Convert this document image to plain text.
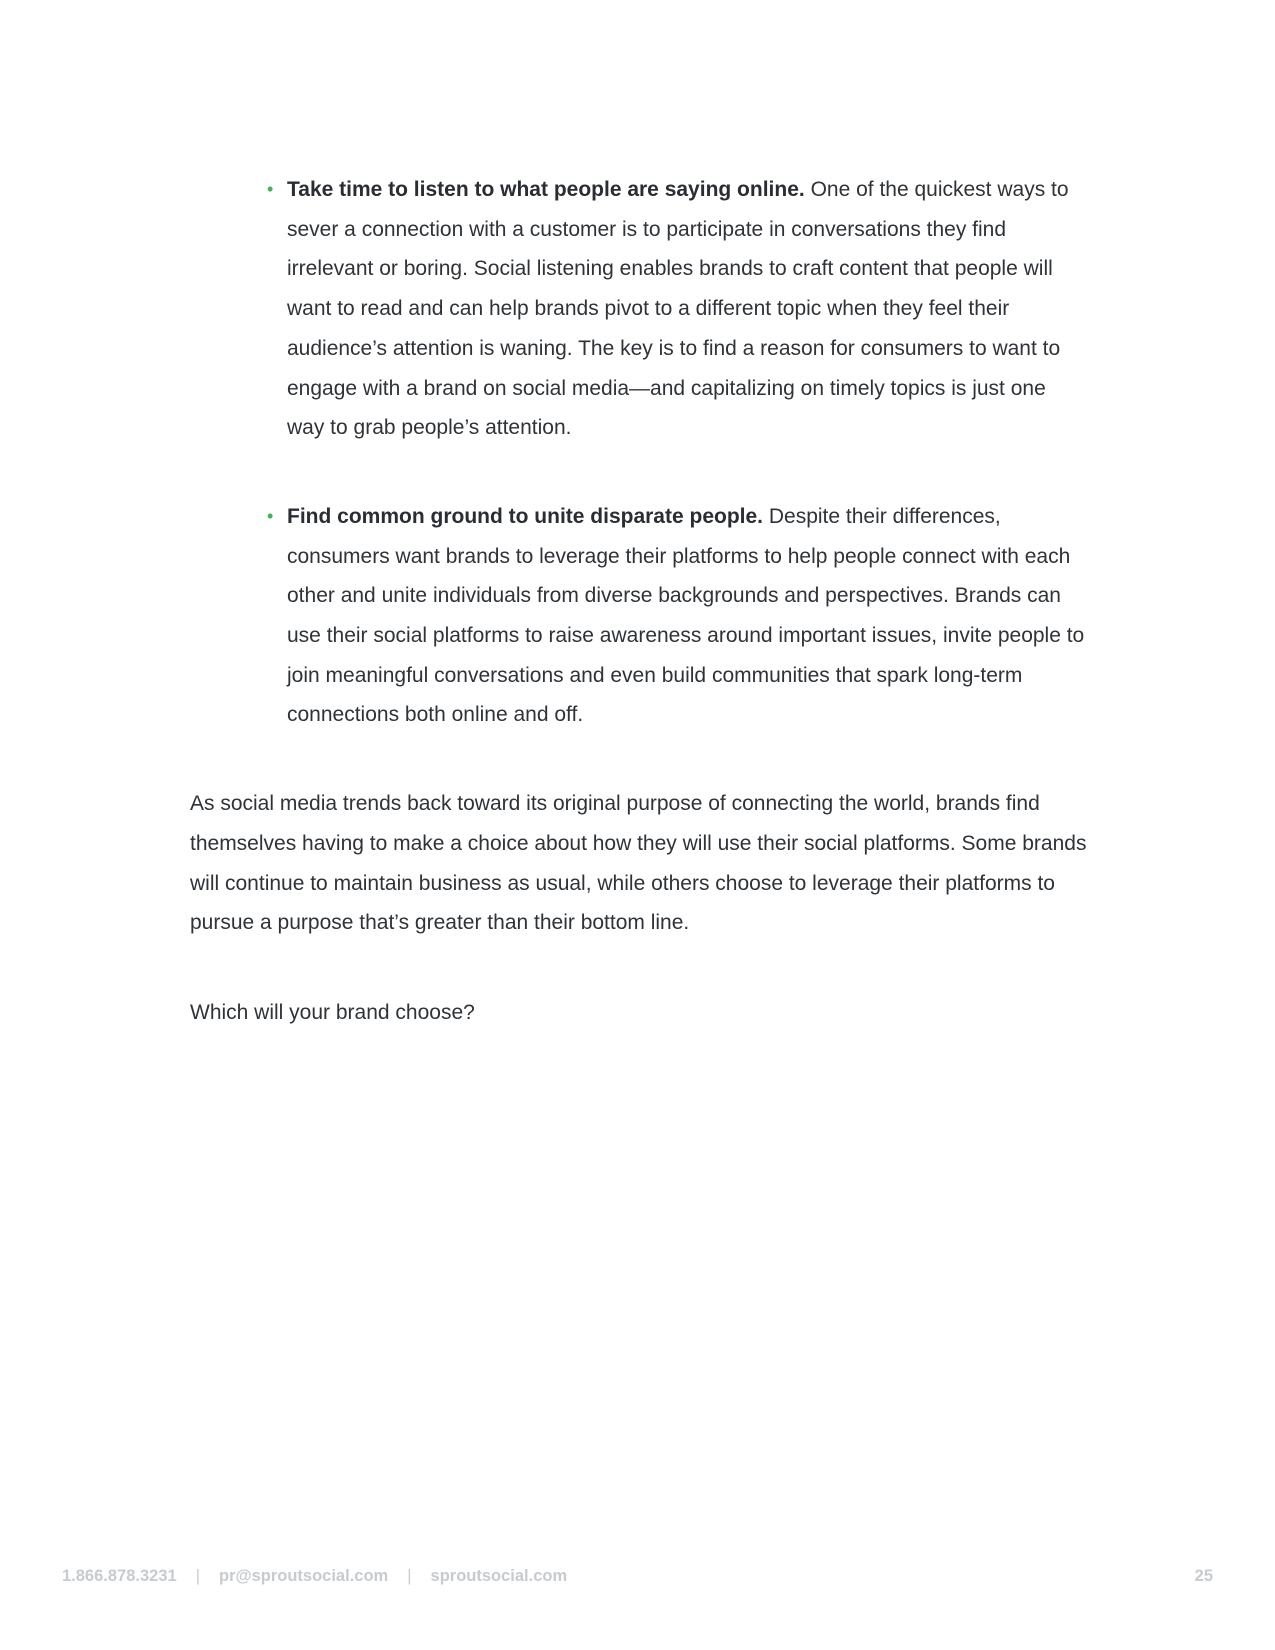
• Take time to listen to what people are saying online. One of the quickest ways to sever a connection with a customer is to participate in conversations they find irrelevant or boring. Social listening enables brands to craft content that people will want to read and can help brands pivot to a different topic when they feel their audience’s attention is waning. The key is to find a reason for consumers to want to engage with a brand on social media—and capitalizing on timely topics is just one way to grab people’s attention.
• Find common ground to unite disparate people. Despite their differences, consumers want brands to leverage their platforms to help people connect with each other and unite individuals from diverse backgrounds and perspectives. Brands can use their social platforms to raise awareness around important issues, invite people to join meaningful conversations and even build communities that spark long-term connections both online and off.

As social media trends back toward its original purpose of connecting the world, brands find themselves having to make a choice about how they will use their social platforms. Some brands will continue to maintain business as usual, while others choose to leverage their platforms to pursue a purpose that’s greater than their bottom line.

Which will your brand choose?

1.866.878.3231 | pr@sproutsocial.com | sproutsocial.com	25
